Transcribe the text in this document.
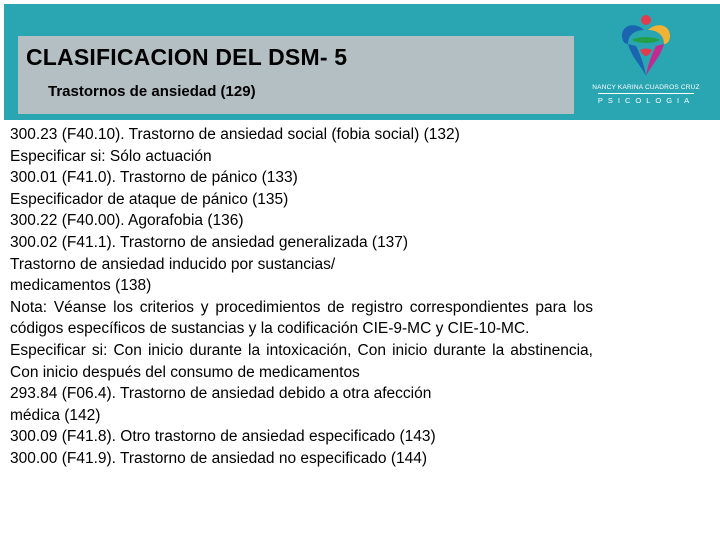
CLASIFICACION DEL DSM- 5
Trastornos de ansiedad (129)	NANCY KARINA CUADROS CRUZ
PSICOLOGIA

300.23 (F40.10). Trastorno de ansiedad social (fobia social) (132)

Especificar si: Sólo actuación

300.01 (F41.0). Trastorno de pánico (133)

Especificador de ataque de pánico (135)

300.22 (F40.00). Agorafobia (136)

300.02 (F41.1). Trastorno de ansiedad generalizada (137)

Trastorno de ansiedad inducido por sustancias/

medicamentos (138)

Nota: Véanse los criterios y procedimientos de registro correspondientes para los códigos específicos de sustancias y la codificación CIE-9-MC y CIE-10-MC.

Especificar si: Con inicio durante la intoxicación, Con inicio durante la abstinencia, Con inicio después del consumo de medicamentos

293.84 (F06.4). Trastorno de ansiedad debido a otra afección

médica (142)

300.09 (F41.8). Otro trastorno de ansiedad especificado (143)

300.00 (F41.9). Trastorno de ansiedad no especificado (144)
